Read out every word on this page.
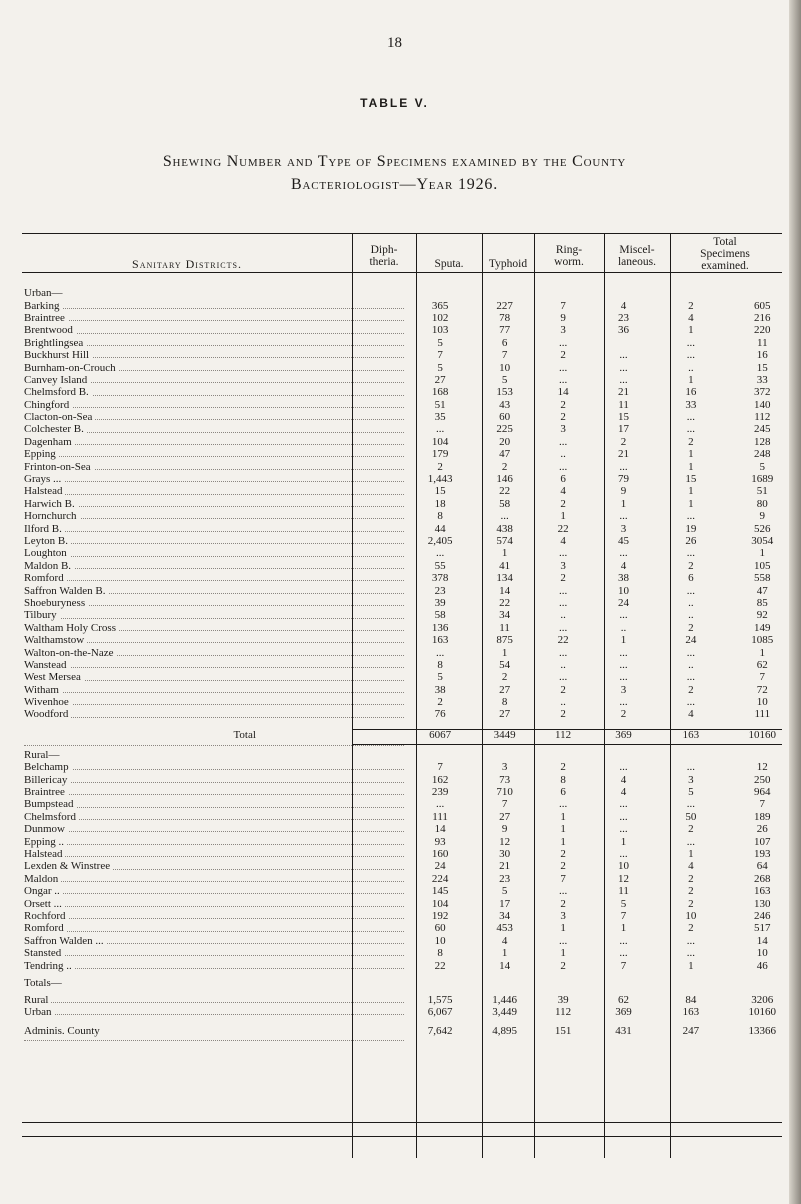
18
TABLE V.
Shewing Number and Type of Specimens examined by the County
Bacteriologist—Year 1926.
Sanitary Districts.
Diph-
theria.	Sputa.	Typhoid
Ring-
worm.
Miscel-
laneous.
Total
Specimens
examined.
Urban—						
Barking	365	227	7	4	2	605
Braintree	102	78	9	23	4	216
Brentwood	103	77	3	36	1	220
Brightlingsea	5	6	...		...	11
Buckhurst Hill	7	7	2	...	...	16
Burnham-on-Crouch	5	10	...	...	..	15
Canvey Island	27	5	...	...	1	33
Chelmsford B.	168	153	14	21	16	372
Chingford	51	43	2	11	33	140
Clacton-on-Sea	35	60	2	15	...	112
Colchester B.	...	225	3	17	...	245
Dagenham	104	20	...	2	2	128
Epping	179	47	..	21	1	248
Frinton-on-Sea	2	2	...	...	1	5
Grays ...	1,443	146	6	79	15	1689
Halstead	15	22	4	9	1	51
Harwich B.	18	58	2	1	1	80
Hornchurch	8	...	1	...	...	9
Ilford B.	44	438	22	3	19	526
Leyton B.	2,405	574	4	45	26	3054
Loughton	...	1	...	...	...	1
Maldon B.	55	41	3	4	2	105
Romford	378	134	2	38	6	558
Saffron Walden B.	23	14	...	10	...	47
Shoeburyness	39	22	...	24	..	85
Tilbury	58	34	..	...	..	92
Waltham Holy Cross	136	11	...	..	2	149
Walthamstow	163	875	22	1	24	1085
Walton-on-the-Naze	...	1	...	...	...	1
Wanstead	8	54	..	...	..	62
West Mersea	5	2	...	...	...	7
Witham	38	27	2	3	2	72
Wivenhoe	2	8	..	...	...	10
Woodford	76	27	2	2	4	111
Total	6067	3449	112	369	163	10160
Rural—						
Belchamp	7	3	2	...	...	12
Billericay	162	73	8	4	3	250
Braintree	239	710	6	4	5	964
Bumpstead	...	7	...	...	...	7
Chelmsford	111	27	1	...	50	189
Dunmow	14	9	1	...	2	26
Epping ..	93	12	1	1	...	107
Halstead	160	30	2	...	1	193
Lexden & Winstree	24	21	2	10	4	64
Maldon	224	23	7	12	2	268
Ongar ..	145	5	...	11	2	163
Orsett ...	104	17	2	5	2	130
Rochford	192	34	3	7	10	246
Romford	60	453	1	1	2	517
Saffron Walden ...	10	4	...	...	...	14
Stansted	8	1	1	...	...	10
Tendring ..	22	14	2	7	1	46
Totals—						
Rural	1,575	1,446	39	62	84	3206
Urban	6,067	3,449	112	369	163	10160
Adminis. County	7,642	4,895	151	431	247	13366
